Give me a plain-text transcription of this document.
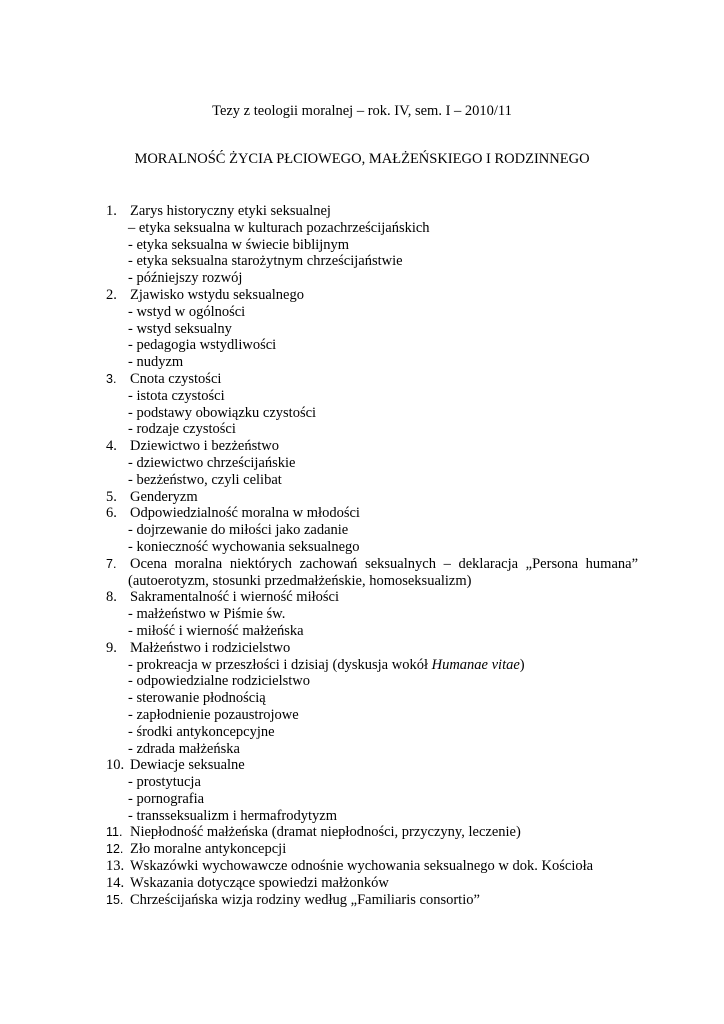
Tezy z teologii moralnej – rok. IV, sem. I – 2010/11
MORALNOŚĆ ŻYCIA PŁCIOWEGO, MAŁŻEŃSKIEGO I RODZINNEGO
1. Zarys historyczny etyki seksualnej
– etyka seksualna w kulturach pozachrześcijańskich
- etyka seksualna w świecie biblijnym
- etyka seksualna starożytnym chrześcijaństwie
- późniejszy rozwój
2. Zjawisko wstydu seksualnego
- wstyd w ogólności
- wstyd seksualny
- pedagogia wstydliwości
- nudyzm
3. Cnota czystości
- istota czystości
- podstawy obowiązku czystości
- rodzaje czystości
4. Dziewictwo i bezżeństwo
- dziewictwo chrześcijańskie
- bezżeństwo, czyli celibat
5. Genderyzm
6. Odpowiedzialność moralna w młodości
- dojrzewanie do miłości jako zadanie
- konieczność wychowania seksualnego
7. Ocena moralna niektórych zachowań seksualnych – deklaracja „Persona humana”
(autoerotyzm, stosunki przedmałżeńskie, homoseksualizm)
8. Sakramentalność i wierność miłości
- małżeństwo w Piśmie św.
- miłość i wierność małżeńska
9. Małżeństwo i rodzicielstwo
- prokreacja w przeszłości i dzisiaj (dyskusja wokół Humanae vitae)
- odpowiedzialne rodzicielstwo
- sterowanie płodnością
- zapłodnienie pozaustrojowe
- środki antykoncepcyjne
- zdrada małżeńska
10. Dewiacje seksualne
- prostytucja
- pornografia
- transseksualizm i hermafrodytyzm
11. Niepłodność małżeńska (dramat niepłodności, przyczyny, leczenie)
12. Zło moralne antykoncepcji
13. Wskazówki wychowawcze odnośnie wychowania seksualnego w dok. Kościoła
14. Wskazania dotyczące spowiedzi małżonków
15. Chrześcijańska wizja rodziny według „Familiaris consortio”
